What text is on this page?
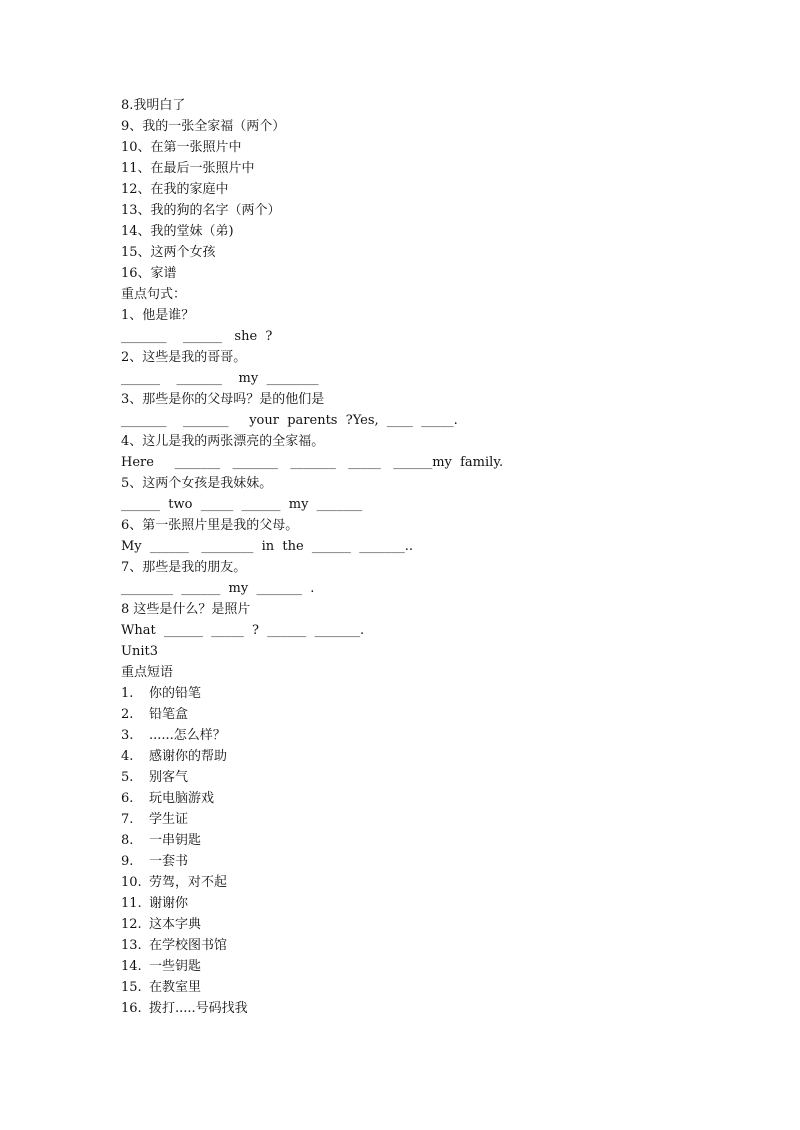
8.我明白了
9、我的一张全家福（两个）
10、在第一张照片中
11、在最后一张照片中
12、在我的家庭中
13、我的狗的名字（两个）
14、我的堂妹（弟)
15、这两个女孩
16、家谱
重点句式：
1、他是谁？
_______    ______   she  ?
2、这些是我的哥哥。
______    _______    my  ________
3、那些是你的父母吗？是的他们是
_______    _______     your  parents  ?Yes,  ____  _____.
4、这儿是我的两张漂亮的全家福。
Here     _______   _______   _______   _____   ______my  family.
5、这两个女孩是我妹妹。
______  two  _____  ______  my  _______
6、第一张照片里是我的父母。
My  ______   ________  in  the  ______  _______..
7、那些是我的朋友。
________  ______  my  _______  .
8 这些是什么？是照片
What  ______  _____  ?  ______  _______.
Unit3
重点短语
1.	你的铅笔
2.	铅笔盒
3.	......怎么样？
4.	感谢你的帮助
5.	别客气
6.	玩电脑游戏
7.	学生证
8.	一串钥匙
9.	一套书
10. 劳驾，对不起
11. 谢谢你
12. 这本字典
13. 在学校图书馆
14. 一些钥匙
15. 在教室里
16. 拨打.....号码找我
